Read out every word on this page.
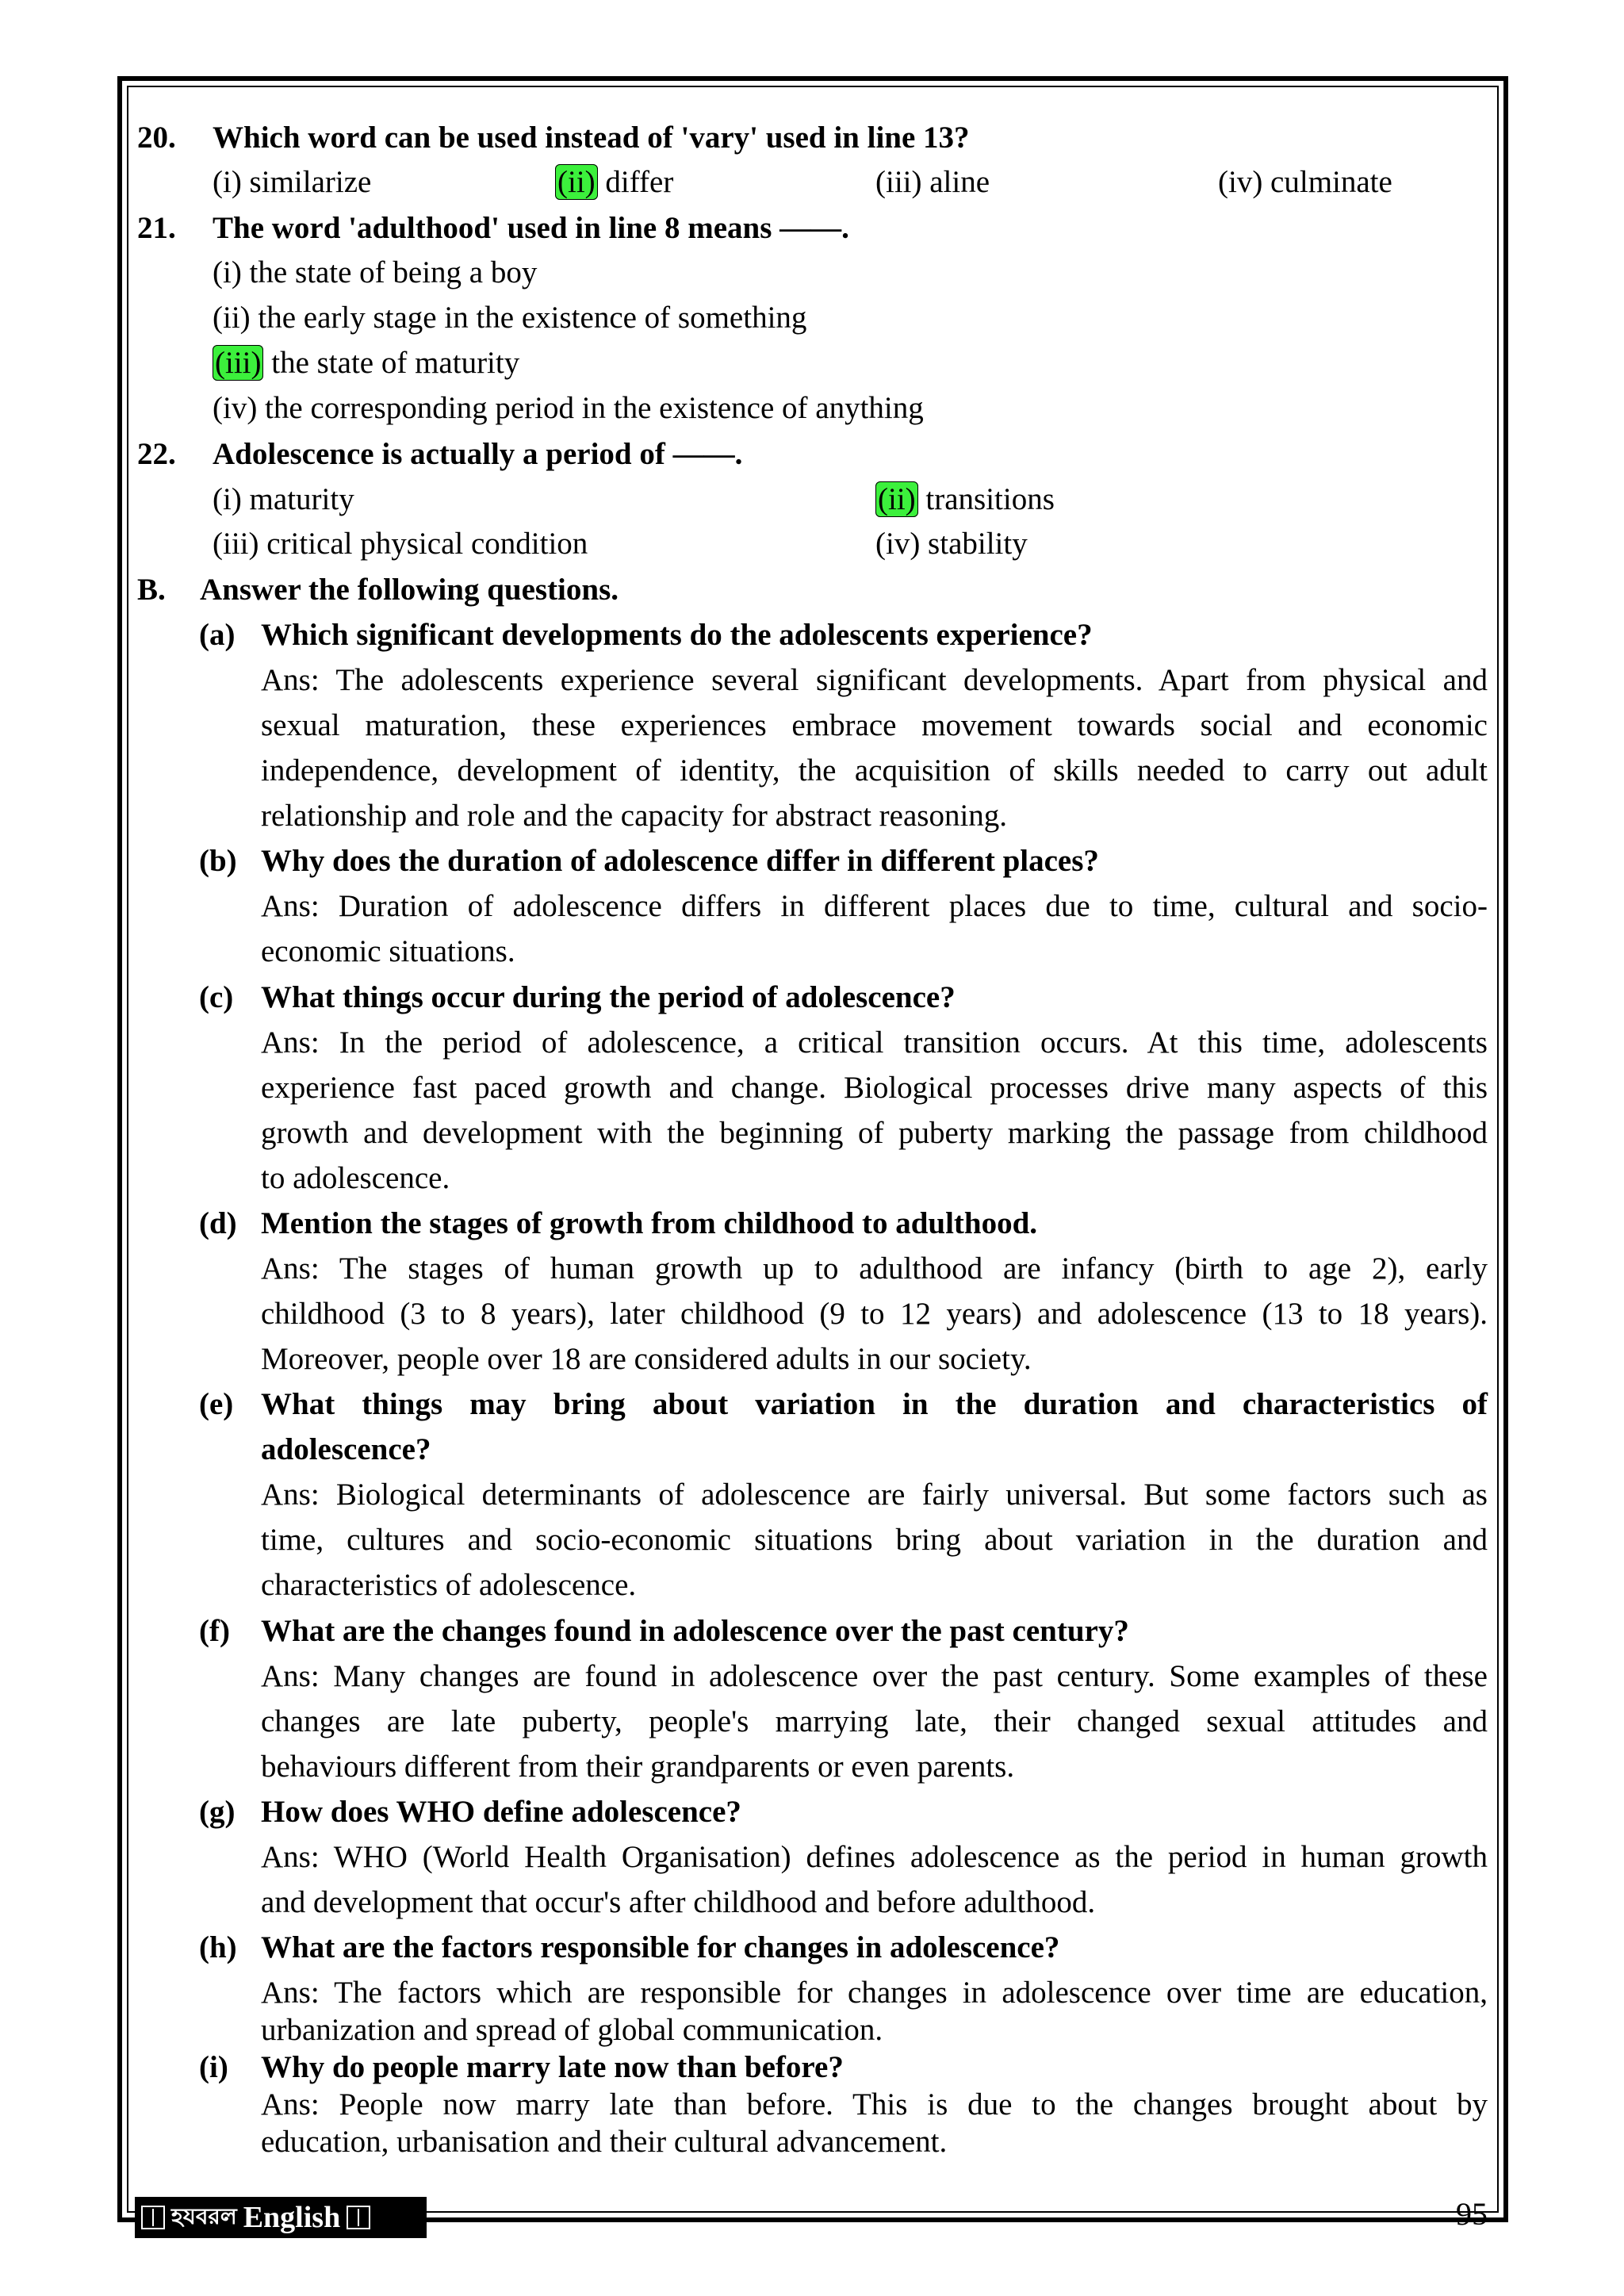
20. Which word can be used instead of 'vary' used in line 13?
(i) similarize	(ii) differ	(iii) aline	(iv) culminate
21. The word 'adulthood' used in line 8 means ——.
(i) the state of being a boy
(ii) the early stage in the existence of something
(iii) the state of maturity
(iv) the corresponding period in the existence of anything
22. Adolescence is actually a period of ——.
(i) maturity	(ii) transitions
(iii) critical physical condition	(iv) stability
B. Answer the following questions.
(a) Which significant developments do the adolescents experience?
Ans: The adolescents experience several significant developments. Apart from physical and
sexual maturation, these experiences embrace movement towards social and economic
independence, development of identity, the acquisition of skills needed to carry out adult
relationship and role and the capacity for abstract reasoning.
(b) Why does the duration of adolescence differ in different places?
Ans: Duration of adolescence differs in different places due to time, cultural and socio-
economic situations.
(c) What things occur during the period of adolescence?
Ans: In the period of adolescence, a critical transition occurs. At this time, adolescents
experience fast paced growth and change. Biological processes drive many aspects of this
growth and development with the beginning of puberty marking the passage from childhood
to adolescence.
(d) Mention the stages of growth from childhood to adulthood.
Ans: The stages of human growth up to adulthood are infancy (birth to age 2), early
childhood (3 to 8 years), later childhood (9 to 12 years) and adolescence (13 to 18 years).
Moreover, people over 18 are considered adults in our society.
(e) What things may bring about variation in the duration and characteristics of
adolescence?
Ans: Biological determinants of adolescence are fairly universal. But some factors such as
time, cultures and socio-economic situations bring about variation in the duration and
characteristics of adolescence.
(f) What are the changes found in adolescence over the past century?
Ans: Many changes are found in adolescence over the past century. Some examples of these
changes are late puberty, people's marrying late, their changed sexual attitudes and
behaviours different from their grandparents or even parents.
(g) How does WHO define adolescence?
Ans: WHO (World Health Organisation) defines adolescence as the period in human growth
and development that occur's after childhood and before adulthood.
(h) What are the factors responsible for changes in adolescence?
Ans: The factors which are responsible for changes in adolescence over time are education,
urbanization and spread of global communication.
(i) Why do people marry late now than before?
Ans: People now marry late than before. This is due to the changes brought about by
education, urbanisation and their cultural advancement.
হযবরল English	95
